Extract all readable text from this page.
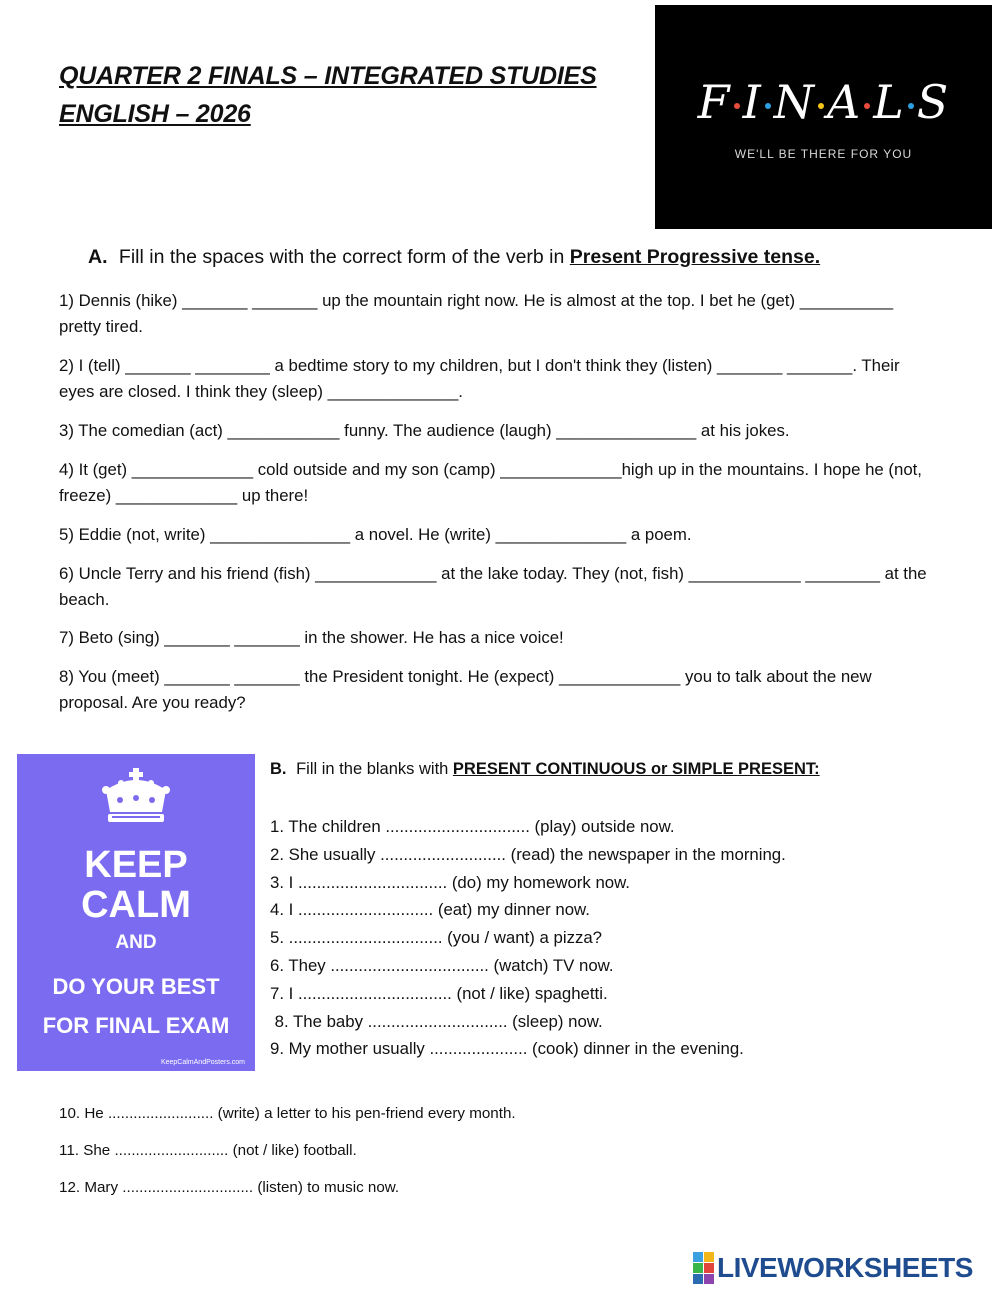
QUARTER 2 FINALS – INTEGRATED STUDIES
ENGLISH – 2026	F I N A L S
WE'LL BE THERE FOR YOU
A. Fill in the spaces with the correct form of the verb in Present Progressive tense.
1) Dennis (hike) _______ _______ up the mountain right now. He is almost at the top. I bet he (get) __________ pretty tired.
2) I (tell) _______ ________ a bedtime story to my children, but I don't think they (listen) _______ _______. Their eyes are closed. I think they (sleep) ______________.
3) The comedian (act) ____________ funny. The audience (laugh) _______________ at his jokes.
4) It (get) _____________ cold outside and my son (camp) _____________high up in the mountains. I hope he (not, freeze) _____________ up there!
5) Eddie (not, write) _______________ a novel. He (write) ______________ a poem.
6) Uncle Terry and his friend (fish) _____________ at the lake today. They (not, fish) ____________ ________ at the beach.
7) Beto (sing) _______ _______ in the shower. He has a nice voice!
8) You (meet) _______ _______ the President tonight. He (expect) _____________ you to talk about the new proposal. Are you ready?
KEEP
CALM
AND
DO YOUR BEST
FOR FINAL EXAM
KeepCalmAndPosters.com
B. Fill in the blanks with PRESENT CONTINUOUS or SIMPLE PRESENT:
1. The children ............................... (play) outside now.
2. She usually ........................... (read) the newspaper in the morning.
3. I ................................ (do) my homework now.
4. I ............................. (eat) my dinner now.
5. ................................. (you / want) a pizza?
6. They .................................. (watch) TV now.
7. I ................................. (not / like) spaghetti.
8. The baby .............................. (sleep) now.
9. My mother usually ..................... (cook) dinner in the evening.
10. He ......................... (write) a letter to his pen-friend every month.
11. She ........................... (not / like) football.
12. Mary ............................... (listen) to music now.
LIVEWORKSHEETS
